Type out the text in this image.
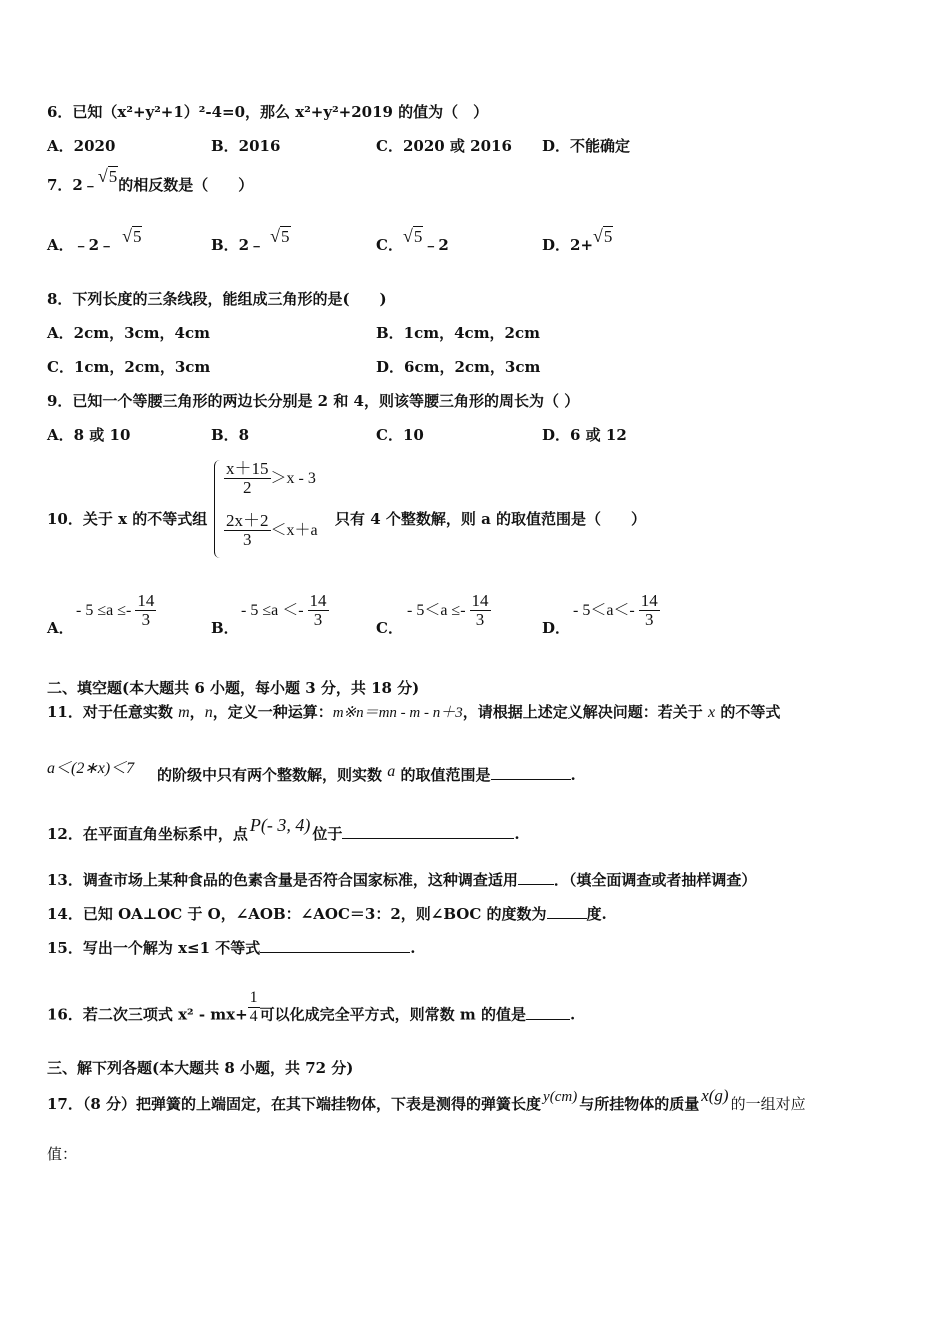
6．已知（x²+y²+1）²-4=0，那么 x²+y²+2019 的值为（　）
A．2020	B．2016	C．2020 或 2016 D．不能确定
7．2﹣√5的相反数是（　　）
A．﹣2﹣ √5	B．2﹣ √5	C．√5﹣2	D．2+√5
8．下列长度的三条线段，能组成三角形的是(　　)
A．2cm，3cm，4cm	B．1cm，4cm，2cm
C．1cm，2cm，3cm	D．6cm，2cm，3cm
9．已知一个等腰三角形的两边长分别是 2 和 4，则该等腰三角形的周长为（ ）
A．8 或 10	B．8	C．10	D．6 或 12
10．关于 x 的不等式组
$\frac{x+15}{2} >x - 3$
$\frac{2x+2}{3} <x+a$
只有 4 个整数解，则 a 的取值范围是（　　）
A．
- $5 \le a \le- \frac{14}{3}$	B．
- $5 \le a <- \frac{14}{3}$	C．
- $5<a \le- \frac{14}{3}$	D．
- $5<a<- \frac{14}{3}$
二、填空题(本大题共 6 小题，每小题 3 分，共 18 分)
11．对于任意实数 m，n，定义一种运算：m※n＝mn - m - n＋3，请根据上述定义解决问题：若关于 x 的不等式
a＜(2∗x)＜7 的阶级中只有两个整数解，则实数 a 的取值范围是	.
12．在平面直角坐标系中，点 P(- 3, 4) 位于	.
13．调查市场上某种食品的色素含量是否符合国家标准，这种调查适用 ．（填全面调查或者抽样调查）
14．已知 OA⊥OC 于 O，∠AOB：∠AOC＝3：2，则∠BOC 的度数为	度.
15．写出一个解为 x≤1 不等式	.
16．若二次三项式 $x^2 - mx+ \frac{1}{4}$ 可以化成完全平方式，则常数 m 的值是	.
三、解下列各题(本大题共 8 小题，共 72 分)
17．（8 分）把弹簧的上端固定，在其下端挂物体，下表是测得的弹簧长度 y(cm) 与所挂物体的质量 x(g) 的一组对应
值：
